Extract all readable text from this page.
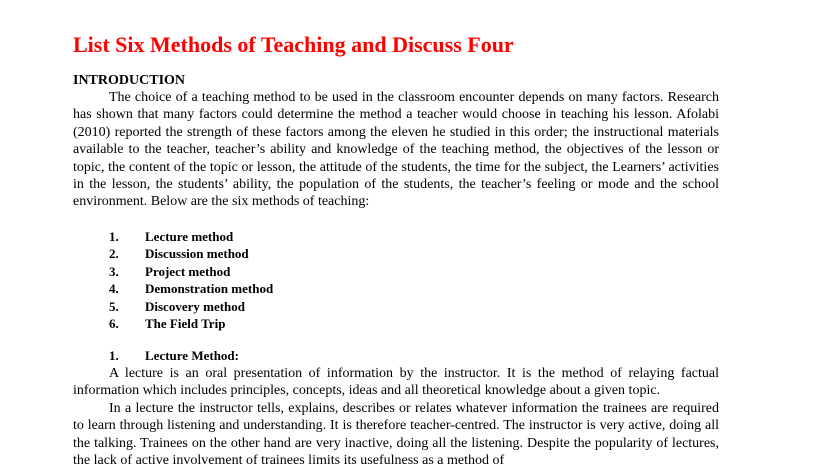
List Six Methods of Teaching and Discuss Four
INTRODUCTION

The choice of a teaching method to be used in the classroom encounter depends on many factors. Research has shown that many factors could determine the method a teacher would choose in teaching his lesson. Afolabi (2010) reported the strength of these factors among the eleven he studied in this order; the instructional materials available to the teacher, teacher’s ability and knowledge of the teaching method, the objectives of the lesson or topic, the content of the topic or lesson, the attitude of the students, the time for the subject, the Learners’ activities in the lesson, the students’ ability, the population of the students, the teacher’s feeling or mode and the school environment. Below are the six methods of teaching:

1. Lecture method
2. Discussion method
3. Project method
4. Demonstration method
5. Discovery method
6. The Field Trip
1. Lecture Method:

A lecture is an oral presentation of information by the instructor. It is the method of relaying factual information which includes principles, concepts, ideas and all theoretical knowledge about a given topic.

In a lecture the instructor tells, explains, describes or relates whatever information the trainees are required to learn through listening and understanding. It is therefore teacher-centred. The instructor is very active, doing all the talking. Trainees on the other hand are very inactive, doing all the listening. Despite the popularity of lectures, the lack of active involvement of trainees limits its usefulness as a method of
